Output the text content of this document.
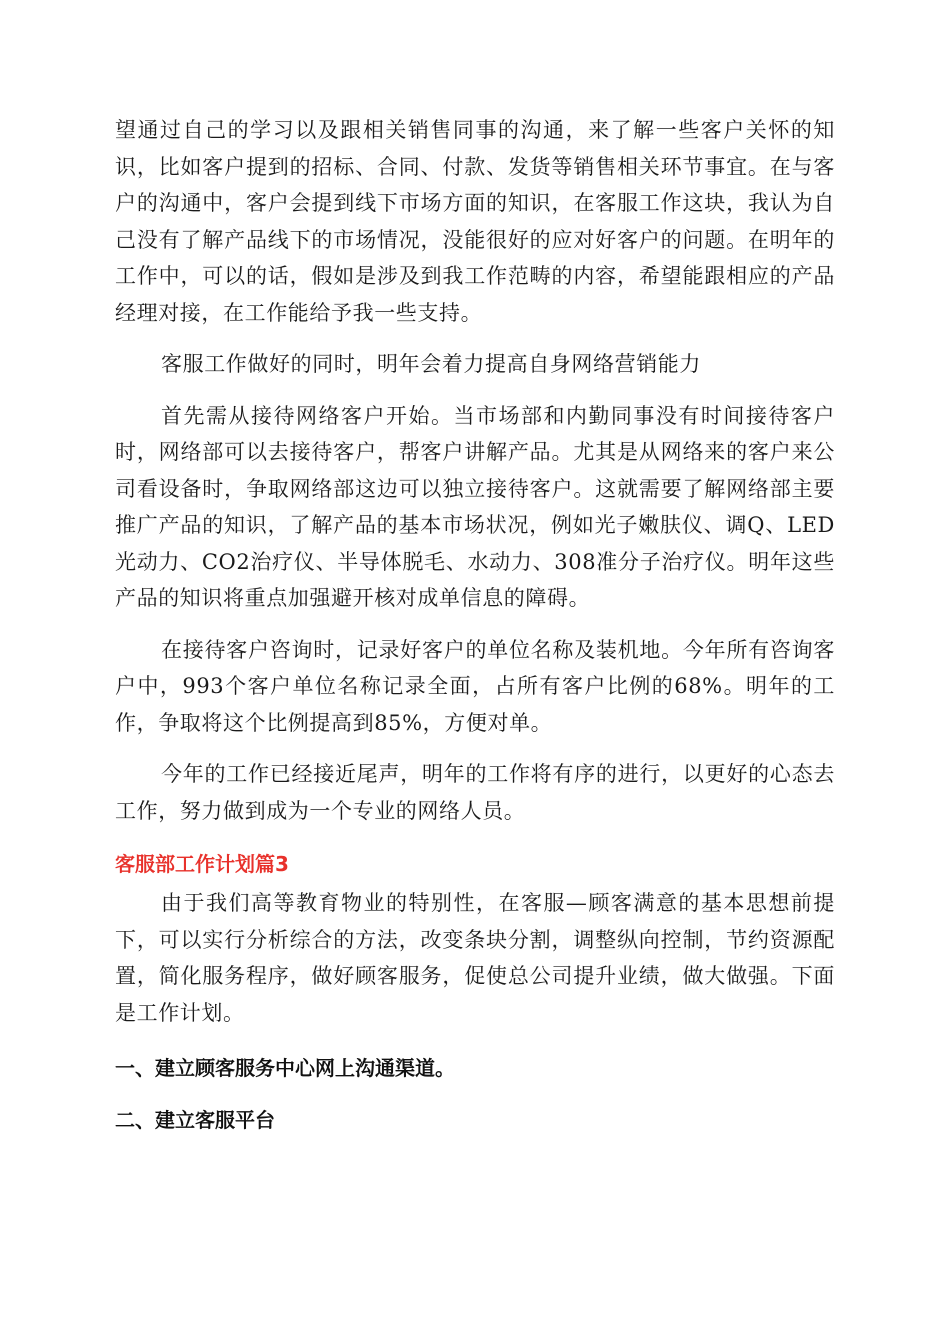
望通过自己的学习以及跟相关销售同事的沟通，来了解一些客户关怀的知识，比如客户提到的招标、合同、付款、发货等销售相关环节事宜。在与客户的沟通中，客户会提到线下市场方面的知识，在客服工作这块，我认为自己没有了解产品线下的市场情况，没能很好的应对好客户的问题。在明年的工作中，可以的话，假如是涉及到我工作范畴的内容，希望能跟相应的产品经理对接，在工作能给予我一些支持。

客服工作做好的同时，明年会着力提高自身网络营销能力

首先需从接待网络客户开始。当市场部和内勤同事没有时间接待客户时，网络部可以去接待客户，帮客户讲解产品。尤其是从网络来的客户来公司看设备时，争取网络部这边可以独立接待客户。这就需要了解网络部主要推广产品的知识，了解产品的基本市场状况，例如光子嫩肤仪、调Q、LED光动力、CO2治疗仪、半导体脱毛、水动力、308准分子治疗仪。明年这些产品的知识将重点加强避开核对成单信息的障碍。

在接待客户咨询时，记录好客户的单位名称及装机地。今年所有咨询客户中，993个客户单位名称记录全面，占所有客户比例的68%。明年的工作，争取将这个比例提高到85%，方便对单。

今年的工作已经接近尾声，明年的工作将有序的进行，以更好的心态去工作，努力做到成为一个专业的网络人员。

客服部工作计划篇3

由于我们高等教育物业的特别性，在客服—顾客满意的基本思想前提下，可以实行分析综合的方法，改变条块分割，调整纵向控制，节约资源配置，简化服务程序，做好顾客服务，促使总公司提升业绩，做大做强。下面是工作计划。

一、建立顾客服务中心网上沟通渠道。
二、建立客服平台
